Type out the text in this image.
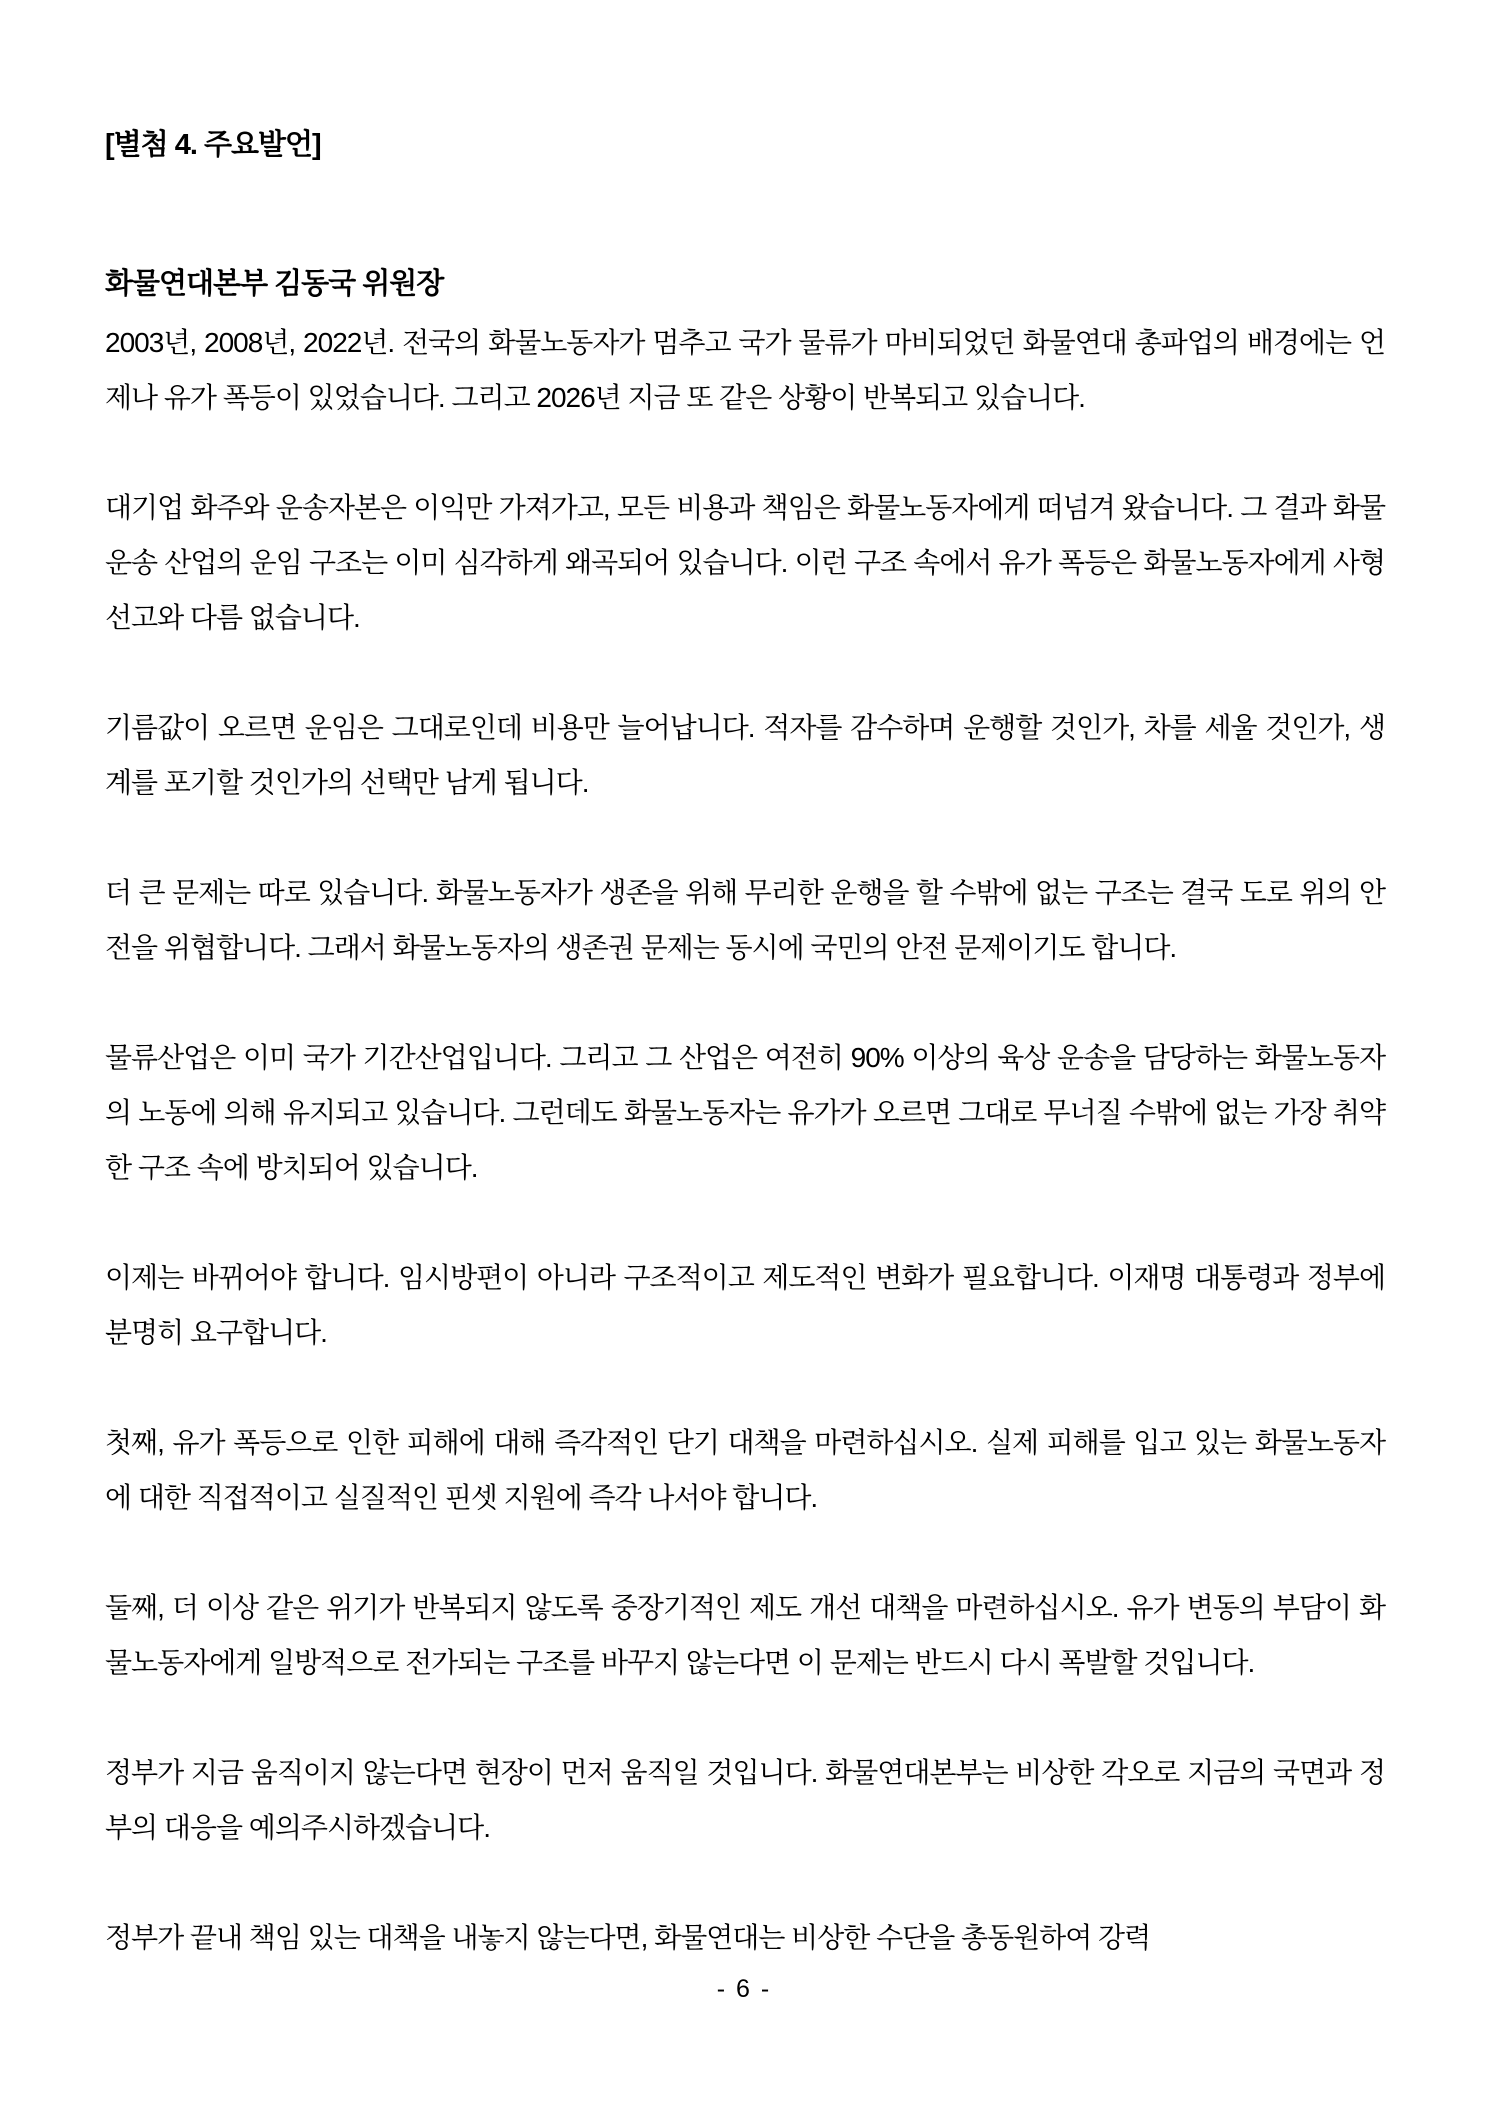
[별첨 4. 주요발언]
화물연대본부 김동국 위원장

2003년, 2008년, 2022년. 전국의 화물노동자가 멈추고 국가 물류가 마비되었던 화물연대 총파업의 배경에는 언제나 유가 폭등이 있었습니다. 그리고 2026년 지금 또 같은 상황이 반복되고 있습니다.

대기업 화주와 운송자본은 이익만 가져가고, 모든 비용과 책임은 화물노동자에게 떠넘겨 왔습니다. 그 결과 화물운송 산업의 운임 구조는 이미 심각하게 왜곡되어 있습니다. 이런 구조 속에서 유가 폭등은 화물노동자에게 사형선고와 다름 없습니다.

기름값이 오르면 운임은 그대로인데 비용만 늘어납니다. 적자를 감수하며 운행할 것인가, 차를 세울 것인가, 생계를 포기할 것인가의 선택만 남게 됩니다.

더 큰 문제는 따로 있습니다. 화물노동자가 생존을 위해 무리한 운행을 할 수밖에 없는 구조는 결국 도로 위의 안전을 위협합니다. 그래서 화물노동자의 생존권 문제는 동시에 국민의 안전 문제이기도 합니다.

물류산업은 이미 국가 기간산업입니다. 그리고 그 산업은 여전히 90% 이상의 육상 운송을 담당하는 화물노동자의 노동에 의해 유지되고 있습니다. 그런데도 화물노동자는 유가가 오르면 그대로 무너질 수밖에 없는 가장 취약한 구조 속에 방치되어 있습니다.

이제는 바뀌어야 합니다. 임시방편이 아니라 구조적이고 제도적인 변화가 필요합니다. 이재명 대통령과 정부에 분명히 요구합니다.

첫째, 유가 폭등으로 인한 피해에 대해 즉각적인 단기 대책을 마련하십시오. 실제 피해를 입고 있는 화물노동자에 대한 직접적이고 실질적인 핀셋 지원에 즉각 나서야 합니다.

둘째, 더 이상 같은 위기가 반복되지 않도록 중장기적인 제도 개선 대책을 마련하십시오. 유가 변동의 부담이 화물노동자에게 일방적으로 전가되는 구조를 바꾸지 않는다면 이 문제는 반드시 다시 폭발할 것입니다.

정부가 지금 움직이지 않는다면 현장이 먼저 움직일 것입니다. 화물연대본부는 비상한 각오로 지금의 국면과 정부의 대응을 예의주시하겠습니다.

정부가 끝내 책임 있는 대책을 내놓지 않는다면, 화물연대는 비상한 수단을 총동원하여 강력

- 6 -
